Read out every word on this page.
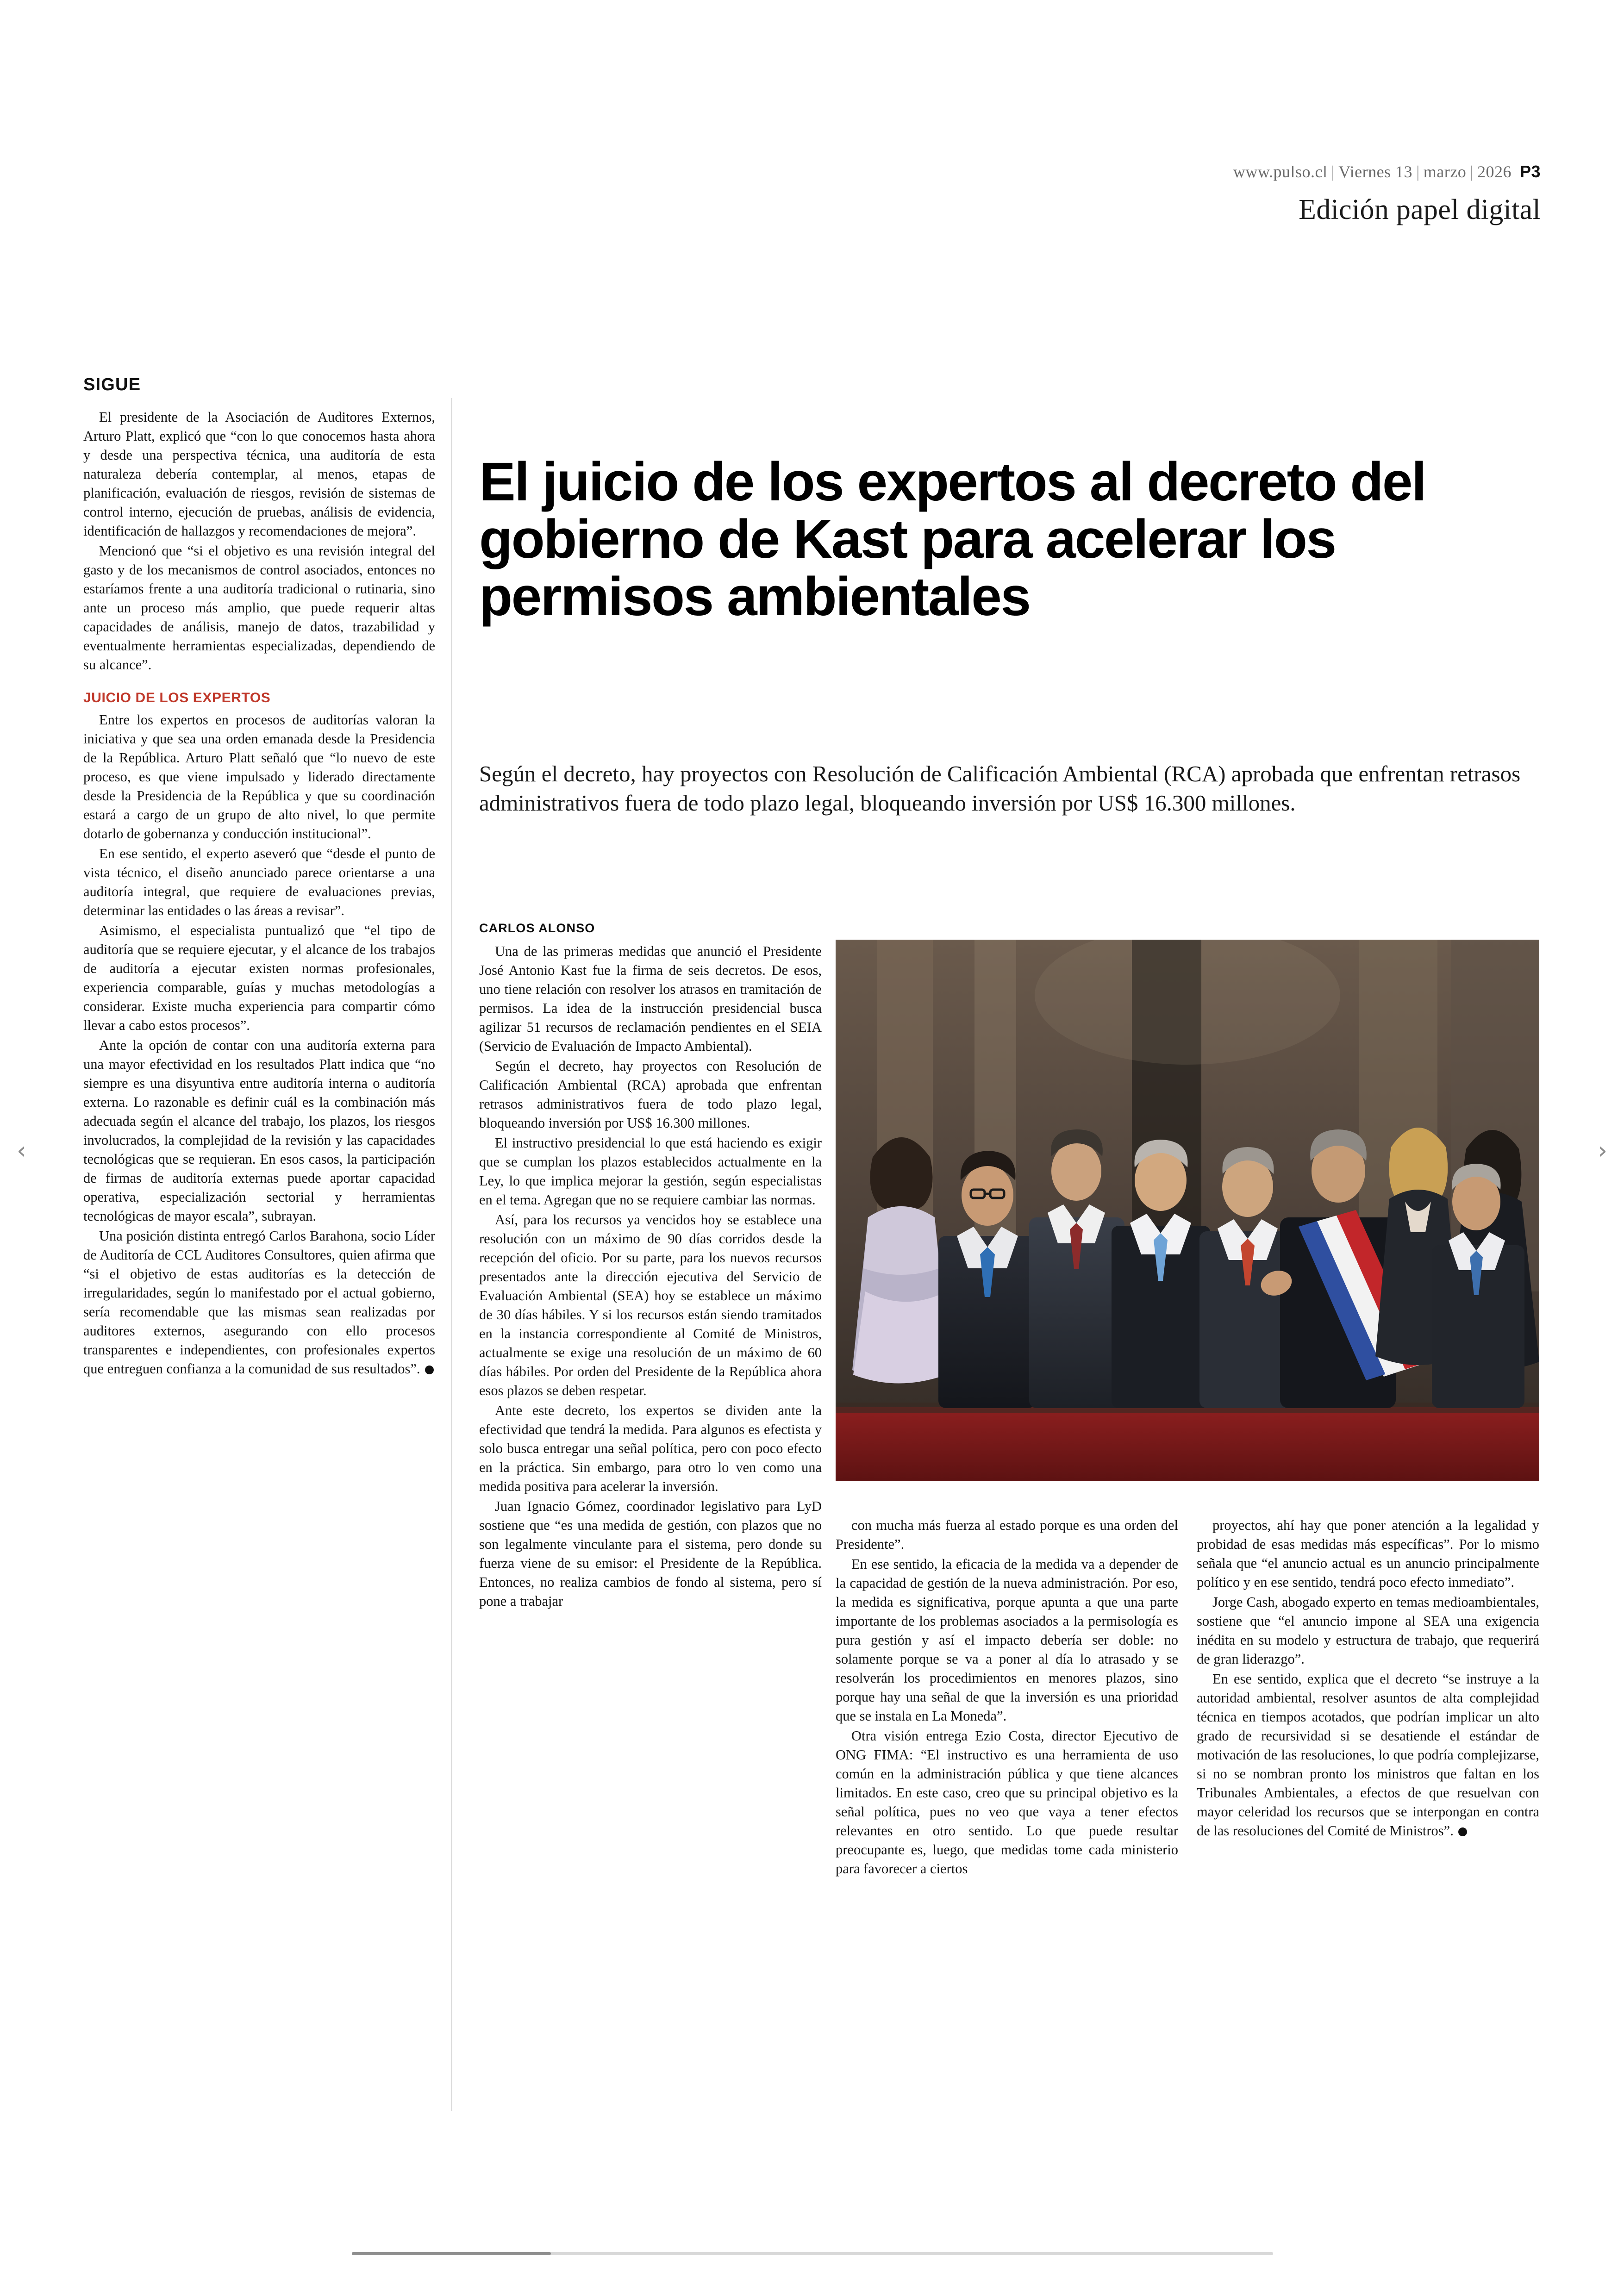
www.pulso.cl | Viernes 13 | marzo | 2026 P3
Edición papel digital
‹	›
SIGUE

El presidente de la Asociación de Auditores Externos, Arturo Platt, explicó que “con lo que conocemos hasta ahora y desde una perspectiva técnica, una auditoría de esta naturaleza debería contemplar, al menos, etapas de planificación, evaluación de riesgos, revisión de sistemas de control interno, ejecución de pruebas, análisis de evidencia, identificación de hallazgos y recomendaciones de mejora”.

Mencionó que “si el objetivo es una revisión integral del gasto y de los mecanismos de control asociados, entonces no estaríamos frente a una auditoría tradicional o rutinaria, sino ante un proceso más amplio, que puede requerir altas capacidades de análisis, manejo de datos, trazabilidad y eventualmente herramientas especializadas, dependiendo de su alcance”.

JUICIO DE LOS EXPERTOS

Entre los expertos en procesos de auditorías valoran la iniciativa y que sea una orden emanada desde la Presidencia de la República. Arturo Platt señaló que “lo nuevo de este proceso, es que viene impulsado y liderado directamente desde la Presidencia de la República y que su coordinación estará a cargo de un grupo de alto nivel, lo que permite dotarlo de gobernanza y conducción institucional”.

En ese sentido, el experto aseveró que “desde el punto de vista técnico, el diseño anunciado parece orientarse a una auditoría integral, que requiere de evaluaciones previas, determinar las entidades o las áreas a revisar”.

Asimismo, el especialista puntualizó que “el tipo de auditoría que se requiere ejecutar, y el alcance de los trabajos de auditoría a ejecutar existen normas profesionales, experiencia comparable, guías y muchas metodologías a considerar. Existe mucha experiencia para compartir cómo llevar a cabo estos procesos”.

Ante la opción de contar con una auditoría externa para una mayor efectividad en los resultados Platt indica que “no siempre es una disyuntiva entre auditoría interna o auditoría externa. Lo razonable es definir cuál es la combinación más adecuada según el alcance del trabajo, los plazos, los riesgos involucrados, la complejidad de la revisión y las capacidades tecnológicas que se requieran. En esos casos, la participación de firmas de auditoría externas puede aportar capacidad operativa, especialización sectorial y herramientas tecnológicas de mayor escala”, subrayan.

Una posición distinta entregó Carlos Barahona, socio Líder de Auditoría de CCL Auditores Consultores, quien afirma que “si el objetivo de estas auditorías es la detección de irregularidades, según lo manifestado por el actual gobierno, sería recomendable que las mismas sean realizadas por auditores externos, asegurando con ello procesos transparentes e independientes, con profesionales expertos que entreguen confianza a la comunidad de sus resultados”.

El juicio de los expertos al decreto del gobierno de Kast para acelerar los permisos ambientales
Según el decreto, hay proyectos con Resolución de Calificación Ambiental (RCA) aprobada que enfrentan retrasos administrativos fuera de todo plazo legal, bloqueando inversión por US$ 16.300 millones.
CARLOS ALONSO

Una de las primeras medidas que anunció el Presidente José Antonio Kast fue la firma de seis decretos. De esos, uno tiene relación con resolver los atrasos en tramitación de permisos. La idea de la instrucción presidencial busca agilizar 51 recursos de reclamación pendientes en el SEIA (Servicio de Evaluación de Impacto Ambiental).

Según el decreto, hay proyectos con Resolución de Calificación Ambiental (RCA) aprobada que enfrentan retrasos administrativos fuera de todo plazo legal, bloqueando inversión por US$ 16.300 millones.

El instructivo presidencial lo que está haciendo es exigir que se cumplan los plazos establecidos actualmente en la Ley, lo que implica mejorar la gestión, según especialistas en el tema. Agregan que no se requiere cambiar las normas.

Así, para los recursos ya vencidos hoy se establece una resolución con un máximo de 90 días corridos desde la recepción del oficio. Por su parte, para los nuevos recursos presentados ante la dirección ejecutiva del Servicio de Evaluación Ambiental (SEA) hoy se establece un máximo de 30 días hábiles. Y si los recursos están siendo tramitados en la instancia correspondiente al Comité de Ministros, actualmente se exige una resolución de un máximo de 60 días hábiles. Por orden del Presidente de la República ahora esos plazos se deben respetar.

Ante este decreto, los expertos se dividen ante la efectividad que tendrá la medida. Para algunos es efectista y solo busca entregar una señal política, pero con poco efecto en la práctica. Sin embargo, para otro lo ven como una medida positiva para acelerar la inversión.

Juan Ignacio Gómez, coordinador legislativo para LyD sostiene que “es una medida de gestión, con plazos que no son legalmente vinculante para el sistema, pero donde su fuerza viene de su emisor: el Presidente de la República. Entonces, no realiza cambios de fondo al sistema, pero sí pone a trabajar

con mucha más fuerza al estado porque es una orden del Presidente”.

En ese sentido, la eficacia de la medida va a depender de la capacidad de gestión de la nueva administración. Por eso, la medida es significativa, porque apunta a que una parte importante de los problemas asociados a la permisología es pura gestión y así el impacto debería ser doble: no solamente porque se va a poner al día lo atrasado y se resolverán los procedimientos en menores plazos, sino porque hay una señal de que la inversión es una prioridad que se instala en La Moneda”.

Otra visión entrega Ezio Costa, director Ejecutivo de ONG FIMA: “El instructivo es una herramienta de uso común en la administración pública y que tiene alcances limitados. En este caso, creo que su principal objetivo es la señal política, pues no veo que vaya a tener efectos relevantes en otro sentido. Lo que puede resultar preocupante es, luego, que medidas tome cada ministerio para favorecer a ciertos

proyectos, ahí hay que poner atención a la legalidad y probidad de esas medidas más específicas”. Por lo mismo señala que “el anuncio actual es un anuncio principalmente político y en ese sentido, tendrá poco efecto inmediato”.

Jorge Cash, abogado experto en temas medioambientales, sostiene que “el anuncio impone al SEA una exigencia inédita en su modelo y estructura de trabajo, que requerirá de gran liderazgo”.

En ese sentido, explica que el decreto “se instruye a la autoridad ambiental, resolver asuntos de alta complejidad técnica en tiempos acotados, que podrían implicar un alto grado de recursividad si se desatiende el estándar de motivación de las resoluciones, lo que podría complejizarse, si no se nombran pronto los ministros que faltan en los Tribunales Ambientales, a efectos de que resuelvan con mayor celeridad los recursos que se interpongan en contra de las resoluciones del Comité de Ministros”.
